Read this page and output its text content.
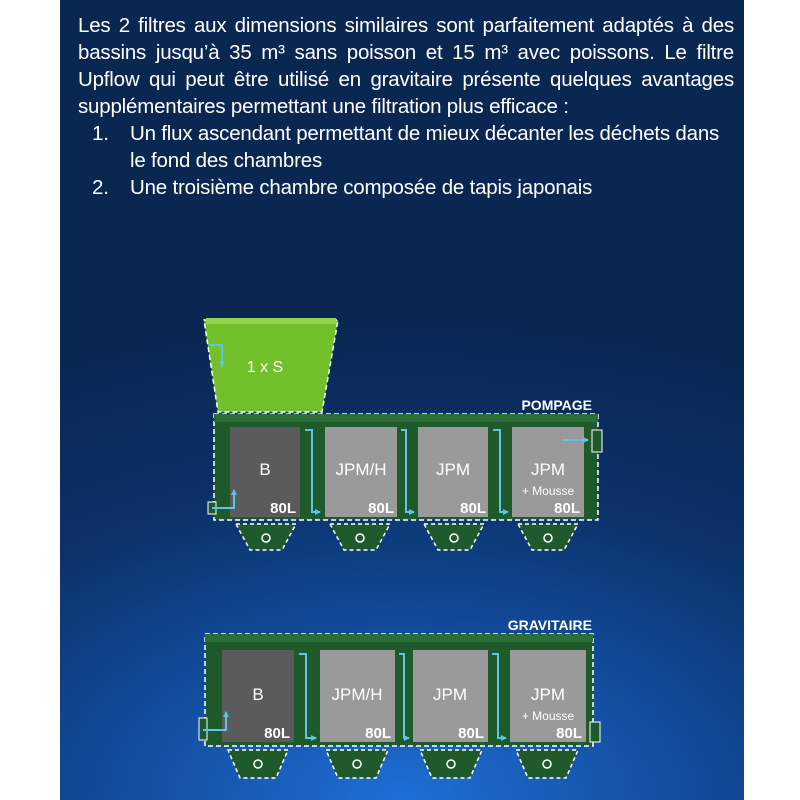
Les 2 filtres aux dimensions similaires sont parfaitement adaptés à des bassins jusqu’à 35 m³ sans poisson et 15 m³ avec poissons. Le filtre Upflow qui peut être utilisé en gravitaire présente quelques avantages supplémentaires permettant une filtration plus efficace :

1. Un flux ascendant permettant de mieux décanter les déchets dans le fond des chambres
2. Une troisième chambre composée de tapis japonais
1 x S
POMPAGE
B
80L
JPM/H
80L
JPM
80L
JPM
+ Mousse
80L
GRAVITAIRE
B
80L
JPM/H
80L
JPM
80L
JPM
+ Mousse
80L
